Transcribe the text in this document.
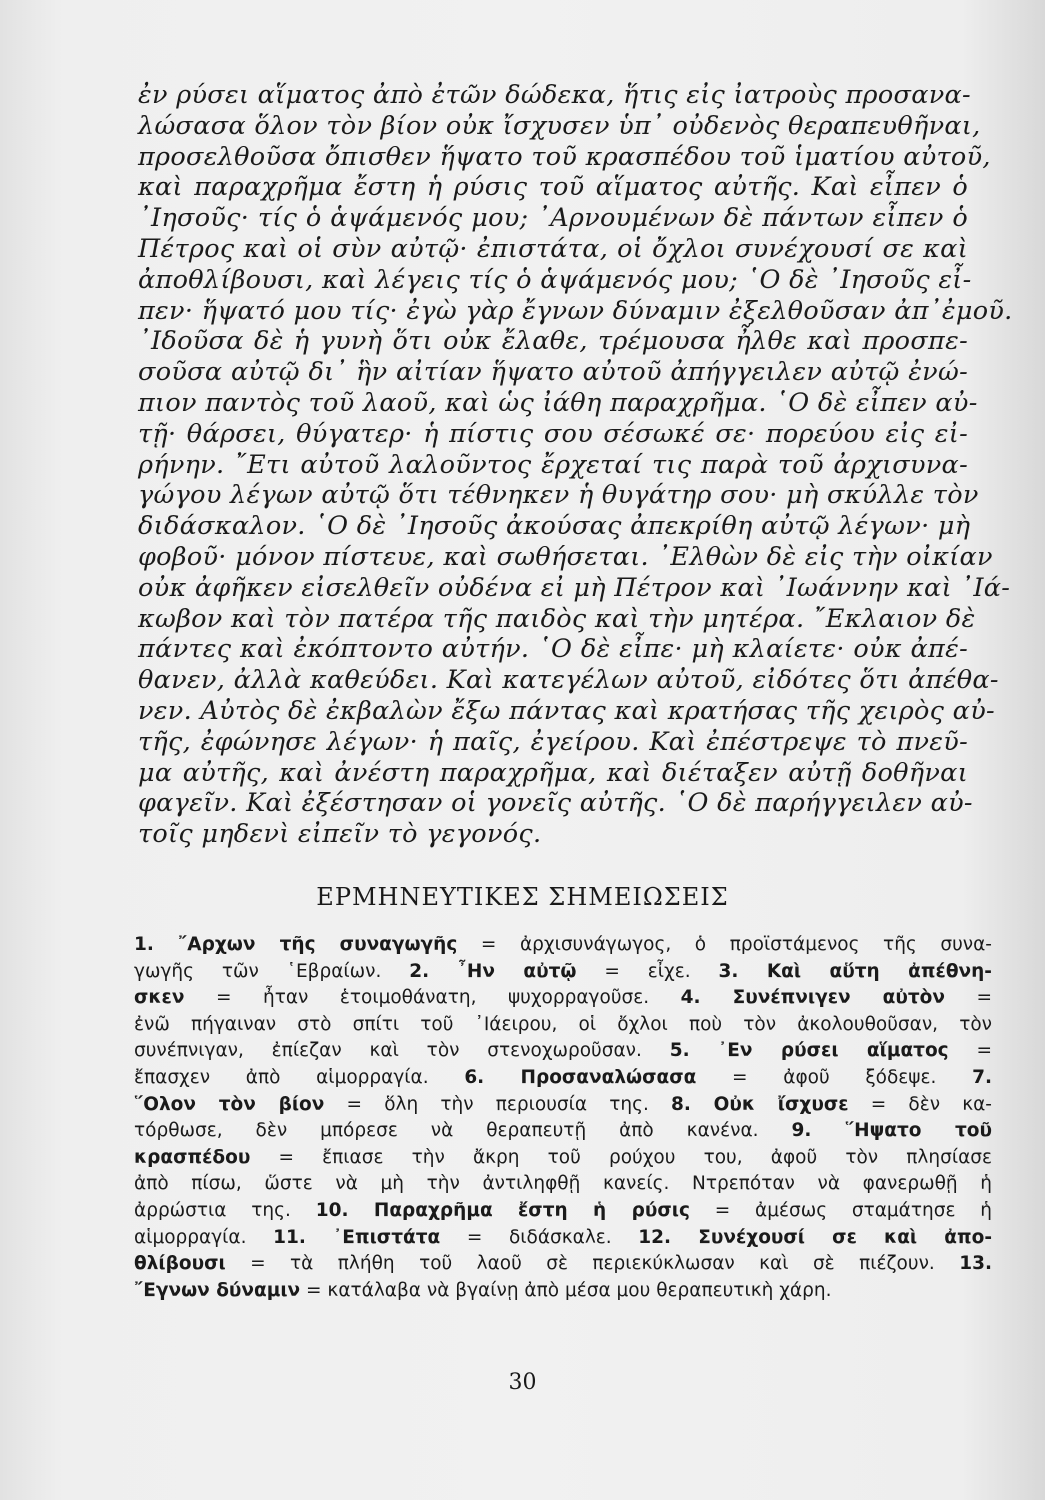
ἐν ρύσει αἵματος ἀπὸ ἐτῶν δώδεκα, ἥτις εἰς ἰατροὺς προσανα-
λώσασα ὅλον τὸν βίον οὐκ ἴσχυσεν ὑπ᾿ οὐδενὸς θεραπευθῆναι,
προσελθοῦσα ὄπισθεν ἥψατο τοῦ κρασπέδου τοῦ ἱματίου αὐτοῦ,
καὶ παραχρῆμα ἔστη ἡ ρύσις τοῦ αἵματος αὐτῆς. Καὶ εἶπεν ὁ
᾿Ιησοῦς· τίς ὁ ἁψάμενός μου; ᾿Αρνουμένων δὲ πάντων εἶπεν ὁ
Πέτρος καὶ οἱ σὺν αὐτῷ· ἐπιστάτα, οἱ ὄχλοι συνέχουσί σε καὶ
ἀποθλίβουσι, καὶ λέγεις τίς ὁ ἁψάμενός μου; ῾Ο δὲ ᾿Ιησοῦς εἶ-
πεν· ἥψατό μου τίς· ἐγὼ γὰρ ἔγνων δύναμιν ἐξελθοῦσαν ἀπ᾿ἐμοῦ.
᾿Ιδοῦσα δὲ ἡ γυνὴ ὅτι οὐκ ἔλαθε, τρέμουσα ἦλθε καὶ προσπε-
σοῦσα αὐτῷ δι᾿ ἣν αἰτίαν ἥψατο αὐτοῦ ἀπήγγειλεν αὐτῷ ἐνώ-
πιον παντὸς τοῦ λαοῦ, καὶ ὡς ἰάθη παραχρῆμα. ῾Ο δὲ εἶπεν αὐ-
τῇ· θάρσει, θύγατερ· ἡ πίστις σου σέσωκέ σε· πορεύου εἰς εἰ-
ρήνην. ῎Ετι αὐτοῦ λαλοῦντος ἔρχεταί τις παρὰ τοῦ ἀρχισυνα-
γώγου λέγων αὐτῷ ὅτι τέθνηκεν ἡ θυγάτηρ σου· μὴ σκύλλε τὸν
διδάσκαλον. ῾Ο δὲ ᾿Ιησοῦς ἀκούσας ἀπεκρίθη αὐτῷ λέγων· μὴ
φοβοῦ· μόνον πίστευε, καὶ σωθήσεται. ᾿Ελθὼν δὲ εἰς τὴν οἰκίαν
οὐκ ἀφῆκεν εἰσελθεῖν οὐδένα εἰ μὴ Πέτρον καὶ ᾿Ιωάννην καὶ ᾿Ιά-
κωβον καὶ τὸν πατέρα τῆς παιδὸς καὶ τὴν μητέρα. ῎Εκλαιον δὲ
πάντες καὶ ἐκόπτοντο αὐτήν. ῾Ο δὲ εἶπε· μὴ κλαίετε· οὐκ ἀπέ-
θανεν, ἀλλὰ καθεύδει. Καὶ κατεγέλων αὐτοῦ, εἰδότες ὅτι ἀπέθα-
νεν. Αὐτὸς δὲ ἐκβαλὼν ἔξω πάντας καὶ κρατήσας τῆς χειρὸς αὐ-
τῆς, ἐφώνησε λέγων· ἡ παῖς, ἐγείρου. Καὶ ἐπέστρεψε τὸ πνεῦ-
μα αὐτῆς, καὶ ἀνέστη παραχρῆμα, καὶ διέταξεν αὐτῇ δοθῆναι
φαγεῖν. Καὶ ἐξέστησαν οἱ γονεῖς αὐτῆς. ῾Ο δὲ παρήγγειλεν αὐ-
τοῖς μηδενὶ εἰπεῖν τὸ γεγονός.
ΕΡΜΗΝΕΥΤΙΚΕΣ ΣΗΜΕΙΩΣΕΙΣ
1. ῎Αρχων τῆς συναγωγῆς = ἀρχισυνάγωγος, ὁ προϊστάμενος τῆς συνα-
γωγῆς τῶν ῾Εβραίων. 2. ῏Ην αὐτῷ = εἶχε. 3. Καὶ αὕτη ἀπέθνη-
σκεν = ἦταν ἑτοιμοθάνατη, ψυχορραγοῦσε. 4. Συνέπνιγεν αὐτὸν =
ἐνῶ πήγαιναν στὸ σπίτι τοῦ ᾿Ιάειρου, οἱ ὄχλοι ποὺ τὸν ἀκολουθοῦσαν, τὸν
συνέπνιγαν, ἐπίεζαν καὶ τὸν στενοχωροῦσαν. 5. ᾿Εν ρύσει αἵματος =
ἔπασχεν ἀπὸ αἱμορραγία. 6. Προσαναλώσασα = ἀφοῦ ξόδεψε. 7.
῞Ολον τὸν βίον = ὅλη τὴν περιουσία της. 8. Οὐκ ἴσχυσε = δὲν κα-
τόρθωσε, δὲν μπόρεσε νὰ θεραπευτῇ ἀπὸ κανένα. 9. ῞Ηψατο τοῦ
κρασπέδου = ἔπιασε τὴν ἄκρη τοῦ ρούχου του, ἀφοῦ τὸν πλησίασε
ἀπὸ πίσω, ὥστε νὰ μὴ τὴν ἀντιληφθῇ κανείς. Ντρεπόταν νὰ φανερωθῇ ἡ
ἀρρώστια της. 10. Παραχρῆμα ἔστη ἡ ρύσις = ἀμέσως σταμάτησε ἡ
αἱμορραγία. 11. ᾿Επιστάτα = διδάσκαλε. 12. Συνέχουσί σε καὶ ἀπο-
θλίβουσι = τὰ πλήθη τοῦ λαοῦ σὲ περιεκύκλωσαν καὶ σὲ πιέζουν. 13.
῎Εγνων δύναμιν = κατάλαβα νὰ βγαίνῃ ἀπὸ μέσα μου θεραπευτικὴ χάρη.
30
